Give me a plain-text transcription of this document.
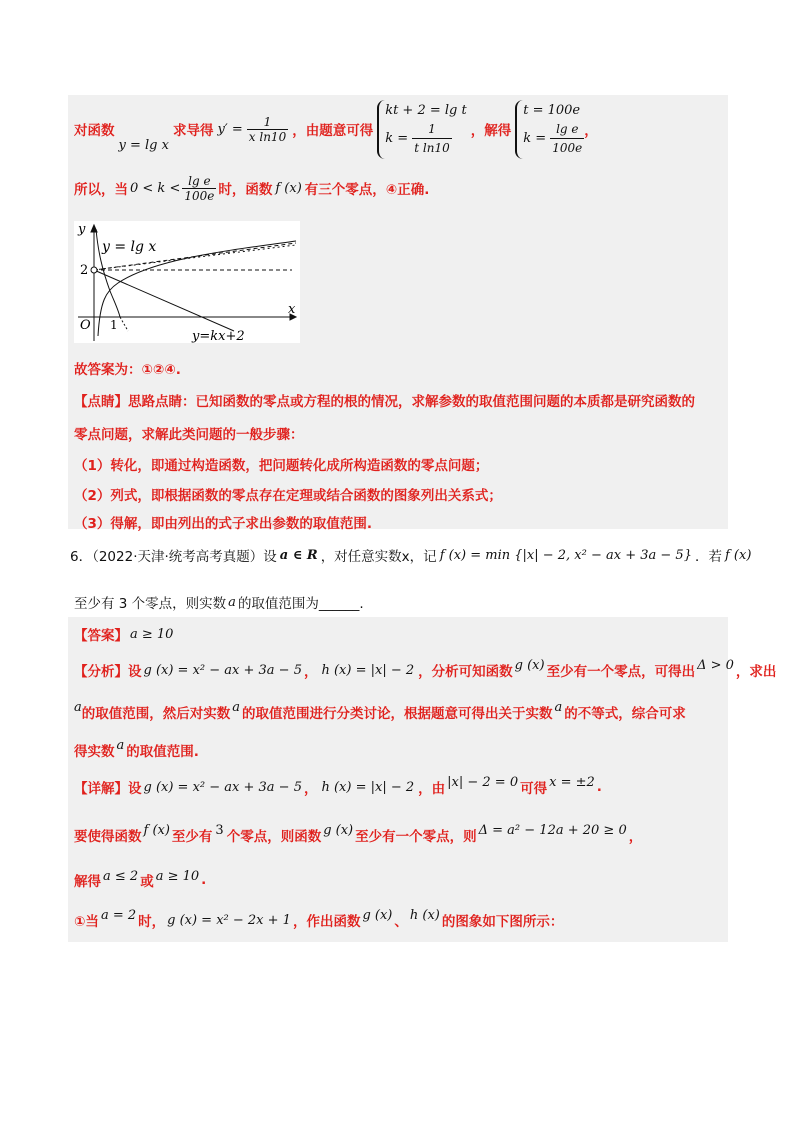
对函数
y = lg x
求导得 $y' = \frac{1}{\text{x ln10}}$ ，由题意可得
kt + 2 = lg t
$k = \frac{1}{\text{t ln10}}$ ，解得
t = 100e
$k = \frac{\text{lg e}}{100e}$ ，
所以，当 $0 < k < \frac{\text{lg e}}{100e}$ 时，函数 f (x) 有三个零点，④正确.
y
x
O 1
2
y = lg x
y=kx+2
故答案为：①②④.
【点睛】思路点睛：已知函数的零点或方程的根的情况，求解参数的取值范围问题的本质都是研究函数的
零点问题，求解此类问题的一般步骤：
（1）转化，即通过构造函数，把问题转化成所构造函数的零点问题；
（2）列式，即根据函数的零点存在定理或结合函数的图象列出关系式；
（3）得解，即由列出的式子求出参数的取值范围.
6．（2022·天津·统考高考真题）设 a ∈ R ，对任意实数x，记 f (x) = min {|x| − 2, x² − ax + 3a − 5} ．若 f (x)
至少有 3 个零点，则实数 a 的取值范围为______.
【答案】 a ≥ 10
【分析】设 g (x) = x² − ax + 3a − 5 ， h (x) = |x| − 2 ，分析可知函数 g (x) 至少有一个零点，可得出 Δ > 0 ，求出
a 的取值范围，然后对实数 a 的取值范围进行分类讨论，根据题意可得出关于实数 a 的不等式，综合可求
得实数 a 的取值范围.
【详解】设 g (x) = x² − ax + 3a − 5 ， h (x) = |x| − 2 ，由 |x| − 2 = 0 可得 x = ±2 .
要使得函数 f (x) 至少有 3 个零点，则函数 g (x) 至少有一个零点，则 Δ = a² − 12a + 20 ≥ 0 ，
解得 a ≤ 2 或 a ≥ 10 .
①当 a = 2 时， g (x) = x² − 2x + 1 ，作出函数 g (x) 、 h (x) 的图象如下图所示：
